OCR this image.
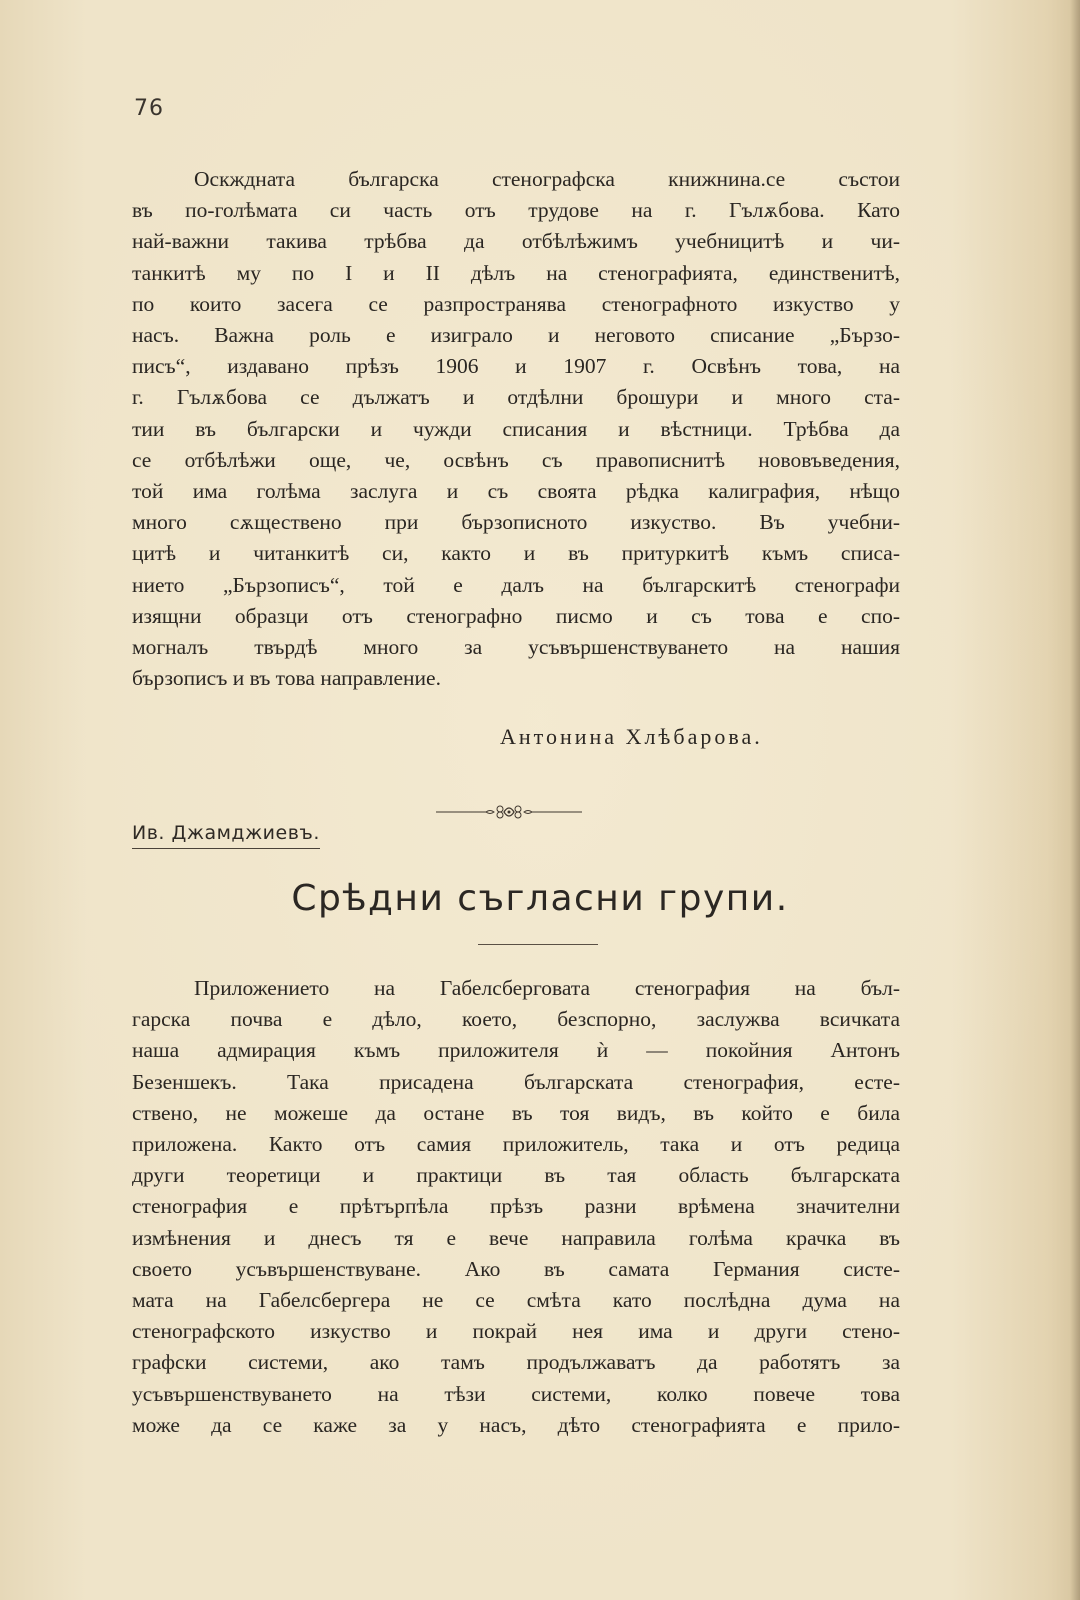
76

Оскждната българска стенографска книжнина.се състои
въ по-голѣмата си часть отъ трудове на г. Гълѫбова. Като
най-важни такива трѣбва да отбѣлѣжимъ учебницитѣ и чи-
танкитѣ му по I и II дѣлъ на стенографията, единственитѣ,
по които засега се разпространява стенографното изкуство у
насъ. Важна роль е изиграло и неговото списание „Бързо-
писъ“, издавано прѣзъ 1906 и 1907 г. Освѣнъ това, на
г. Гълѫбова се дължатъ и отдѣлни брошури и много ста-
тии въ български и чужди списания и вѣстници. Трѣбва да
се отбѣлѣжи още, че, освѣнъ съ правописнитѣ нововъведения,
той има голѣма заслуга и съ своята рѣдка калиграфия, нѣщо
много сѫществено при бързописното изкуство. Въ учебни-
цитѣ и читанкитѣ си, както и въ притуркитѣ къмъ списа-
нието „Бързописъ“, той е далъ на българскитѣ стенографи
изящни образци отъ стенографно писмо и съ това е спо-
могналъ твърдѣ много за усъвършенствуването на нашия
бързописъ и въ това направление.

Антонина Хлѣбарова.
Ив. Джамджиевъ.
Срѣдни съгласни групи.

Приложението на Габелсберговата стенография на бъл-
гарска почва е дѣло, което, безспорно, заслужва всичката
наша адмирация къмъ приложителя ѝ — покойния Антонъ
Безеншекъ. Така присадена българската стенография, есте-
ствено, не можеше да остане въ тоя видъ, въ който е била
приложена. Както отъ самия приложитель, така и отъ редица
други теоретици и практици въ тая область българската
стенография е прѣтърпѣла прѣзъ разни врѣмена значителни
измѣнения и днесъ тя е вече направила голѣма крачка въ
своето усъвършенствуване. Ако въ самата Германия систе-
мата на Габелсбергера не се смѣта като послѣдна дума на
стенографското изкуство и покрай нея има и други стено-
графски системи, ако тамъ продължаватъ да работятъ за
усъвършенствуването на тѣзи системи, колко повече това
може да се каже за у насъ, дѣто стенографията е прило-
